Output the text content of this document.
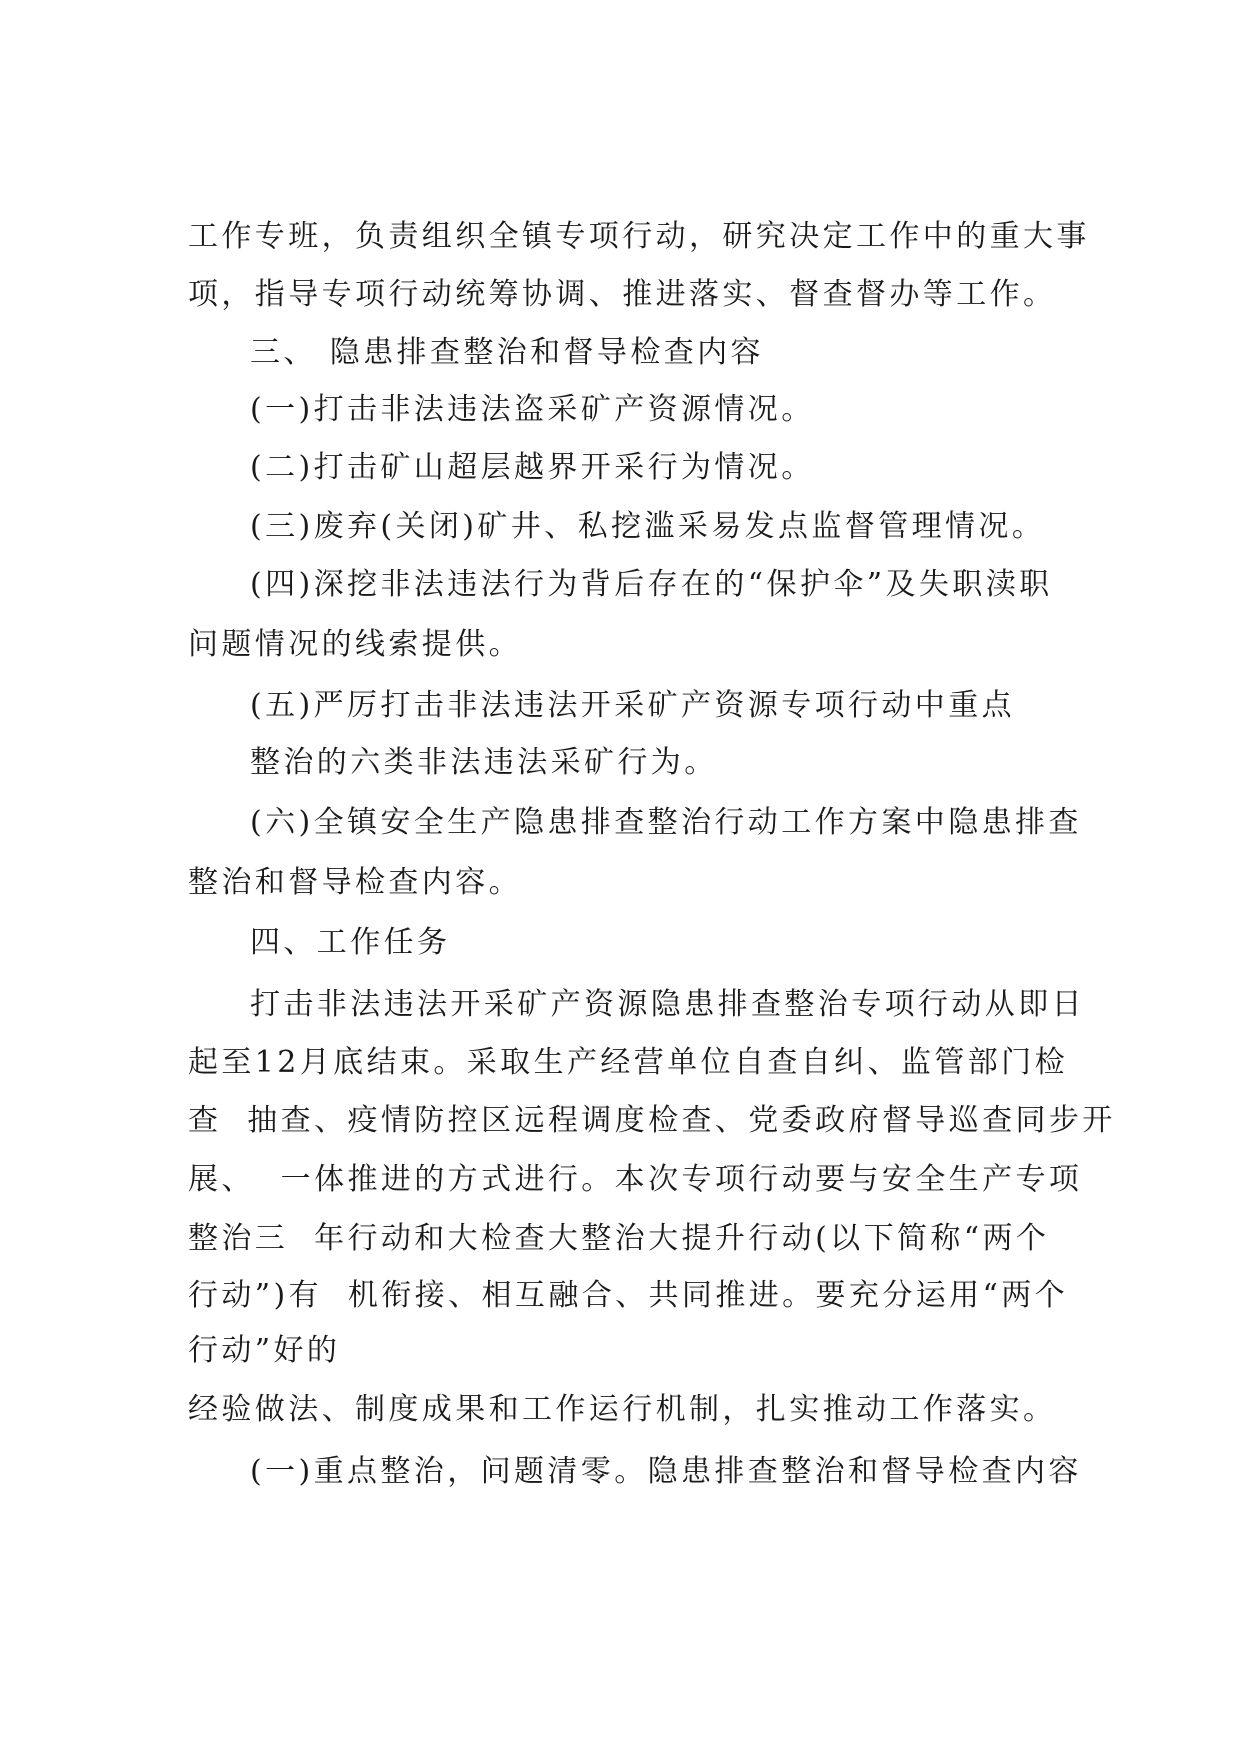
工作专班，负责组织全镇专项行动，研究决定工作中的重大事
项，指导专项行动统筹协调、推进落实、督查督办等工作。
三、 隐患排查整治和督导检查内容
(一)打击非法违法盗采矿产资源情况。
(二)打击矿山超层越界开采行为情况。
(三)废弃(关闭)矿井、私挖滥采易发点监督管理情况。
(四)深挖非法违法行为背后存在的“保护伞”及失职渎职
问题情况的线索提供。
(五)严厉打击非法违法开采矿产资源专项行动中重点
整治的六类非法违法采矿行为。
(六)全镇安全生产隐患排查整治行动工作方案中隐患排查
整治和督导检查内容。
四、工作任务
打击非法违法开采矿产资源隐患排查整治专项行动从即日
起至12月底结束。采取生产经营单位自查自纠、监管部门检
查  抽查、疫情防控区远程调度检查、党委政府督导巡查同步开
展、  一体推进的方式进行。本次专项行动要与安全生产专项
整治三  年行动和大检查大整治大提升行动(以下简称“两个
行动”)有  机衔接、相互融合、共同推进。要充分运用“两个
行动”好的
经验做法、制度成果和工作运行机制，扎实推动工作落实。
(一)重点整治，问题清零。隐患排查整治和督导检查内容
